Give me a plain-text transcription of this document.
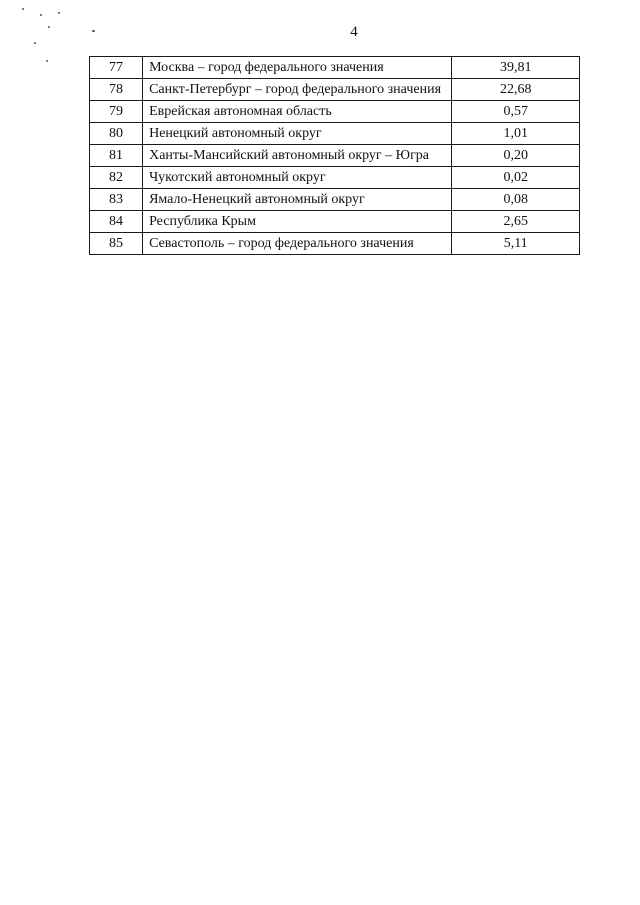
4
77	Москва – город федерального значения	39,81
78	Санкт-Петербург – город федерального значения	22,68
79	Еврейская автономная область	0,57
80	Ненецкий автономный округ	1,01
81	Ханты-Мансийский автономный округ – Югра	0,20
82	Чукотский автономный округ	0,02
83	Ямало-Ненецкий автономный округ	0,08
84	Республика Крым	2,65
85	Севастополь – город федерального значения	5,11
